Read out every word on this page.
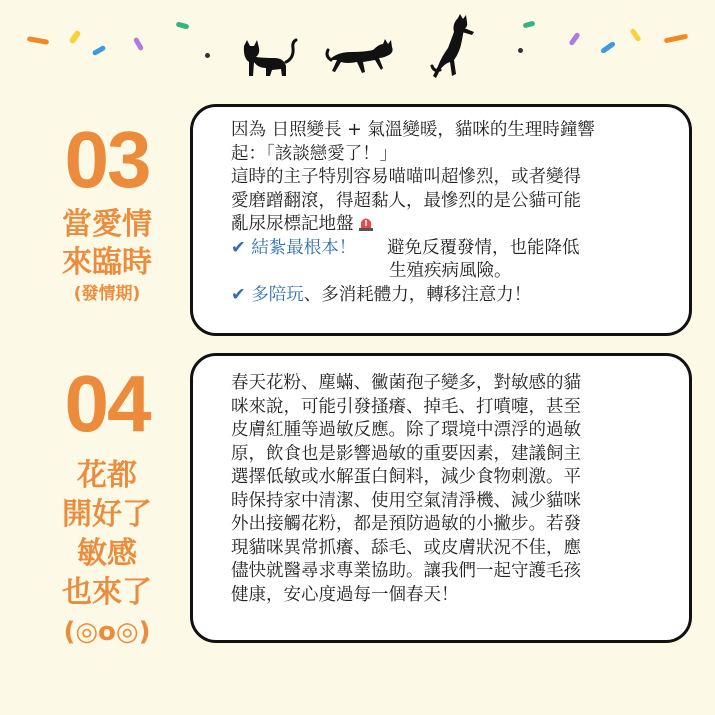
03
當愛情
來臨時
(發情期)

因為 日照變長 + 氣溫變暖，貓咪的生理時鐘響

起：「該談戀愛了！」

這時的主子特別容易喵喵叫超慘烈，或者變得

愛磨蹭翻滾，得超黏人，最慘烈的是公貓可能

亂尿尿標記地盤

✔ 結紮最根本！	避免反覆發情，也能降低

生殖疾病風險。

✔ 多陪玩、多消耗體力，轉移注意力！

04
花都
開好了
敏感
也來了
(◎o◎)

春天花粉、塵蟎、黴菌孢子變多，對敏感的貓

咪來說，可能引發搔癢、掉毛、打噴嚏，甚至

皮膚紅腫等過敏反應。除了環境中漂浮的過敏

原，飲食也是影響過敏的重要因素，建議飼主

選擇低敏或水解蛋白飼料，減少食物刺激。平

時保持家中清潔、使用空氣清淨機、減少貓咪

外出接觸花粉，都是預防過敏的小撇步。若發

現貓咪異常抓癢、舔毛、或皮膚狀況不佳，應

儘快就醫尋求專業協助。讓我們一起守護毛孩

健康，安心度過每一個春天！
